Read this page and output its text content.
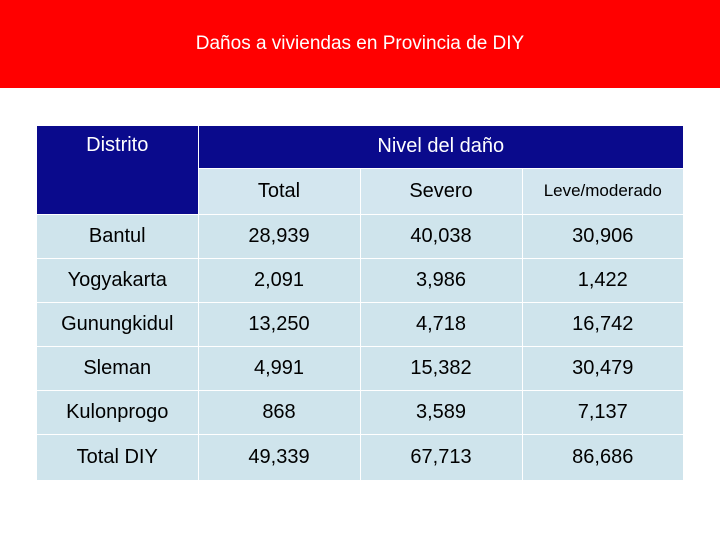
Daños a viviendas en Provincia de DIY
Distrito	Nivel del daño		
	Total	Severo	Leve/moderado
Bantul	28,939	40,038	30,906
Yogyakarta	2,091	3,986	1,422
Gunungkidul	13,250	4,718	16,742
Sleman	4,991	15,382	30,479
Kulonprogo	868	3,589	7,137
Total DIY	49,339	67,713	86,686
